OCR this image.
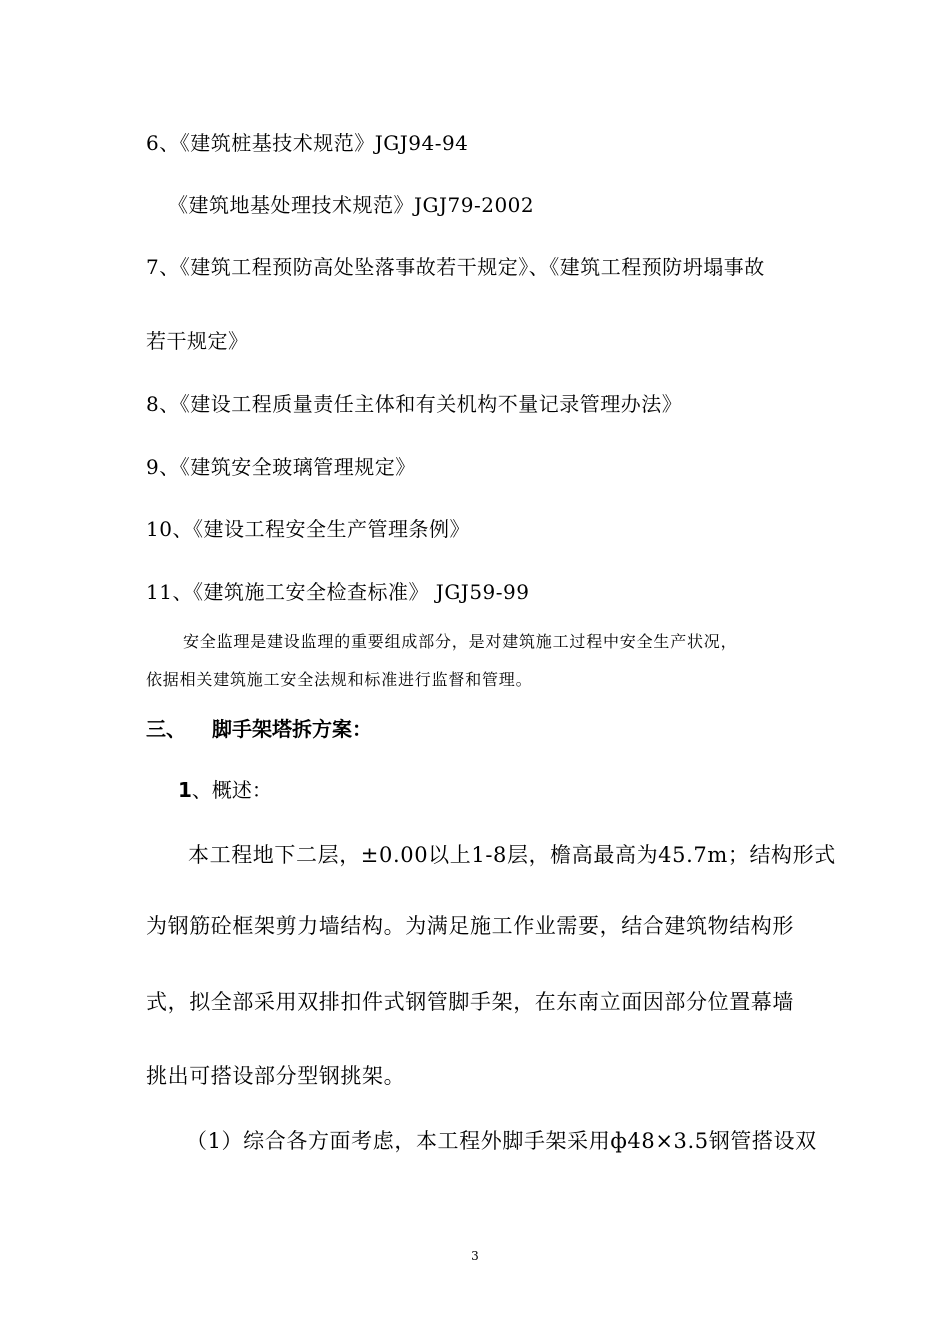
6、《建筑桩基技术规范》JGJ94-94
《建筑地基处理技术规范》JGJ79-2002
7、《建筑工程预防高处坠落事故若干规定》、《建筑工程预防坍塌事故
若干规定》
8、《建设工程质量责任主体和有关机构不量记录管理办法》
9、《建筑安全玻璃管理规定》
10、《建设工程安全生产管理条例》
11、《建筑施工安全检查标准》 JGJ59-99
安全监理是建设监理的重要组成部分，是对建筑施工过程中安全生产状况，
依据相关建筑施工安全法规和标准进行监督和管理。
三、 脚手架塔拆方案：
1、概述：
本工程地下二层，±0.00以上1-8层，檐高最高为45.7m；结构形式
为钢筋砼框架剪力墙结构。为满足施工作业需要，结合建筑物结构形
式，拟全部采用双排扣件式钢管脚手架，在东南立面因部分位置幕墙
挑出可搭设部分型钢挑架。
（1）综合各方面考虑，本工程外脚手架采用ф48×3.5钢管搭设双
3
